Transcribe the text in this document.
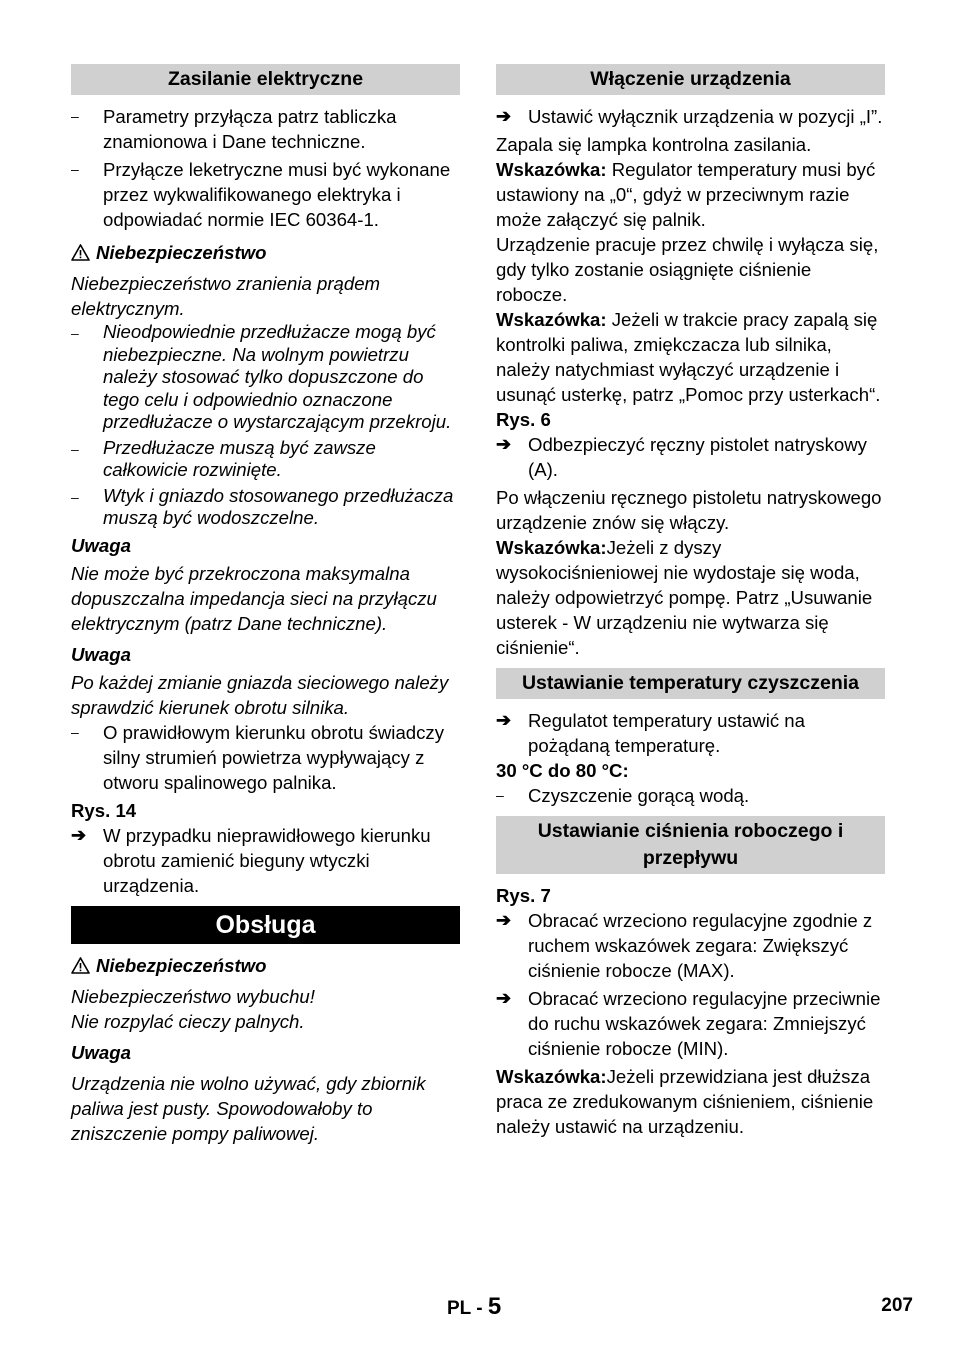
Zasilanie elektryczne
–	Parametry przyłącza patrz tabliczka znamionowa i Dane techniczne.
–	Przyłącze leketryczne musi być wykonane przez wykwalifikowanego elektryka i odpowiadać normie IEC 60364-1.

Niebezpieczeństwo

Niebezpieczeństwo zranienia prądem elektrycznym.

–	Nieodpowiednie przedłużacze mogą być niebezpieczne. Na wolnym powietrzu należy stosować tylko dopuszczone do tego celu i odpowiednio oznaczone przedłużacze o wystarczającym przekroju.
–	Przedłużacze muszą być zawsze całkowicie rozwinięte.
–	Wtyk i gniazdo stosowanego przedłużacza muszą być wodoszczelne.

Uwaga

Nie może być przekroczona maksymalna dopuszczalna impedancja sieci na przyłączu elektrycznym (patrz Dane techniczne).

Uwaga

Po każdej zmianie gniazda sieciowego należy sprawdzić kierunek obrotu silnika.

–	O prawidłowym kierunku obrotu świadczy silny strumień powietrza wypływający z otworu spalinowego palnika.

Rys. 14

➔ W przypadku nieprawidłowego kierunku obrotu zamienić bieguny wtyczki urządzenia.
Obsługa

Niebezpieczeństwo

Niebezpieczeństwo wybuchu!

Nie rozpylać cieczy palnych.

Uwaga

Urządzenia nie wolno używać, gdy zbiornik paliwa jest pusty. Spowodowałoby to zniszczenie pompy paliwowej.

Włączenie urządzenia
➔ Ustawić wyłącznik urządzenia w pozycji „I”.

Zapala się lampka kontrolna zasilania.

Wskazówka: Regulator temperatury musi być ustawiony na „0“, gdyż w przeciwnym razie może załączyć się palnik.

Urządzenie pracuje przez chwilę i wyłącza się, gdy tylko zostanie osiągnięte ciśnienie robocze.

Wskazówka: Jeżeli w trakcie pracy zapalą się kontrolki paliwa, zmiękczacza lub silnika, należy natychmiast wyłączyć urządzenie i usunąć usterkę, patrz „Pomoc przy usterkach“.

Rys. 6

➔ Odbezpieczyć ręczny pistolet natryskowy (A).

Po włączeniu ręcznego pistoletu natryskowego urządzenie znów się włączy.

Wskazówka:Jeżeli z dyszy wysokociśnieniowej nie wydostaje się woda, należy odpowietrzyć pompę. Patrz „Usuwanie usterek - W urządzeniu nie wytwarza się ciśnienie“.

Ustawianie temperatury czyszczenia
➔ Regulatot temperatury ustawić na pożądaną temperaturę.

30 °C do 80 °C:

–	Czyszczenie gorącą wodą.
Ustawianie ciśnienia roboczego i przepływu

Rys. 7

➔ Obracać wrzeciono regulacyjne zgodnie z ruchem wskazówek zegara: Zwiększyć ciśnienie robocze (MAX).
➔ Obracać wrzeciono regulacyjne przeciwnie do ruchu wskazówek zegara: Zmniejszyć ciśnienie robocze (MIN).

Wskazówka:Jeżeli przewidziana jest dłuższa praca ze zredukowanym ciśnieniem, ciśnienie należy ustawić na urządzeniu.

PL - 5	207
